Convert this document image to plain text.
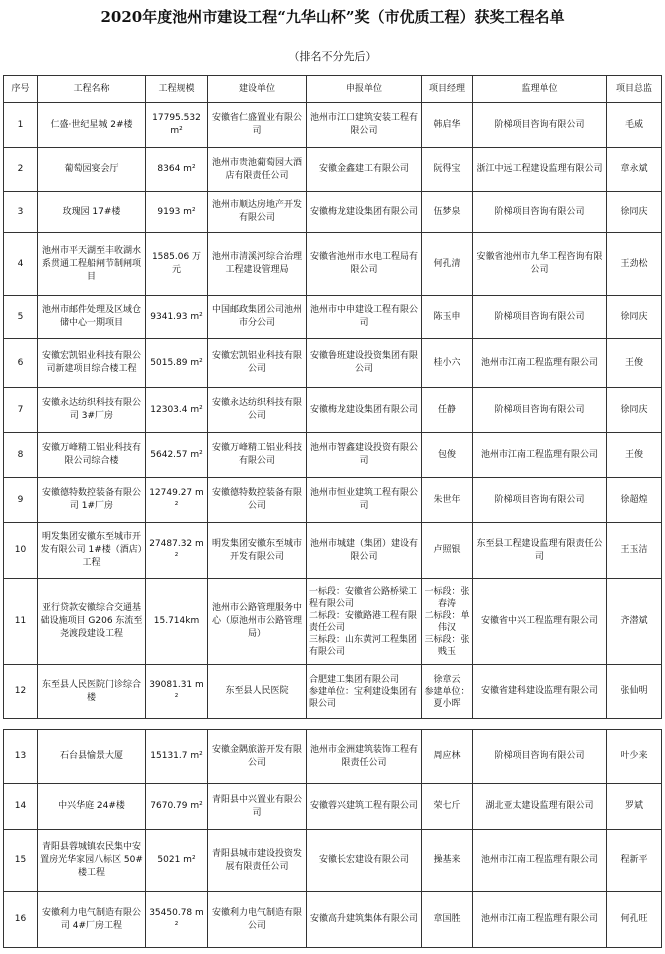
2020年度池州市建设工程“九华山杯”奖（市优质工程）获奖工程名单
（排名不分先后）
序号	工程名称	工程规模	建设单位	申报单位	项目经理	监理单位	项目总监
1	仁盛·世纪星城 2#楼	17795.532 m²	安徽省仁盛置业有限公司	池州市江口建筑安装工程有限公司	韩启华	阶梯项目咨询有限公司	毛威
2	葡萄园宴会厅	8364 m²	池州市贵池葡萄园大酒店有限责任公司	安徽金鑫建工有限公司	阮得宝	浙江中远工程建设监理有限公司	章永斌
3	玫瑰园 17#楼	9193 m²	池州市顺达房地产开发有限公司	安徽梅龙建设集团有限公司	伍梦泉	阶梯项目咨询有限公司	徐同庆
4	池州市平天湖至丰收湖水系贯通工程船闸节制闸项目	1585.06 万元	池州市清溪河综合治理工程建设管理局	安徽省池州市水电工程局有限公司	何孔清	安徽省池州市九华工程咨询有限公司	王劲松
5	池州市邮件处理及区域仓储中心一期项目	9341.93 m²	中国邮政集团公司池州市分公司	池州市中申建设工程有限公司	陈玉申	阶梯项目咨询有限公司	徐同庆
6	安徽宏凯铝业科技有限公司新建项目综合楼工程	5015.89 m²	安徽宏凯铝业科技有限公司	安徽鲁班建设投资集团有限公司	桂小六	池州市江南工程监理有限公司	王俊
7	安徽永达纺织科技有限公司 3#厂房	12303.4 m²	安徽永达纺织科技有限公司	安徽梅龙建设集团有限公司	任静	阶梯项目咨询有限公司	徐同庆
8	安徽万峰精工铝业科技有限公司综合楼	5642.57 m²	安徽万峰精工铝业科技有限公司	池州市智鑫建设投资有限公司	包俊	池州市江南工程监理有限公司	王俊
9	安徽德特数控装备有限公司 1#厂房	12749.27 m²	安徽德特数控装备有限公司	池州市恒业建筑工程有限公司	朱世年	阶梯项目咨询有限公司	徐超煌
10	明发集团安徽东至城市开发有限公司 1#楼（酒店）工程	27487.32 m²	明发集团安徽东至城市开发有限公司	池州市城建（集团）建设有限公司	卢照银	东至县工程建设监理有限责任公司	王玉洁
11	亚行贷款安徽综合交通基础设施项目 G206 东流至尧渡段建设工程	15.714km	池州市公路管理服务中心（原池州市公路管理局）	一标段：安徽省公路桥梁工程有限公司
二标段：安徽路港工程有限责任公司
三标段：山东黄河工程集团有限公司	一标段：张春涛
二标段：单伟汉
三标段：张贱玉	安徽省中兴工程监理有限公司	齐潜斌
12	东至县人民医院门诊综合楼	39081.31 m²	东至县人民医院	合肥建工集团有限公司
参建单位：宝利建设集团有限公司	徐章云
参建单位：夏小晖	安徽省建科建设监理有限公司	张仙明
13	石台县愉景大厦	15131.7 m²	安徽金隅旅游开发有限公司	池州市金洲建筑装饰工程有限责任公司	周应林	阶梯项目咨询有限公司	叶少来
14	中兴华庭 24#楼	7670.79 m²	青阳县中兴置业有限公司	安徽蓉兴建筑工程有限公司	荣七斤	湖北亚太建设监理有限公司	罗斌
15	青阳县蓉城镇农民集中安置房光华家园八标区 50#楼工程	5021 m²	青阳县城市建设投资发展有限责任公司	安徽长宏建设有限公司	操基来	池州市江南工程监理有限公司	程新平
16	安徽利力电气制造有限公司 4#厂房工程	35450.78 m²	安徽利力电气制造有限公司	安徽高升建筑集体有限公司	章国胜	池州市江南工程监理有限公司	何孔旺
